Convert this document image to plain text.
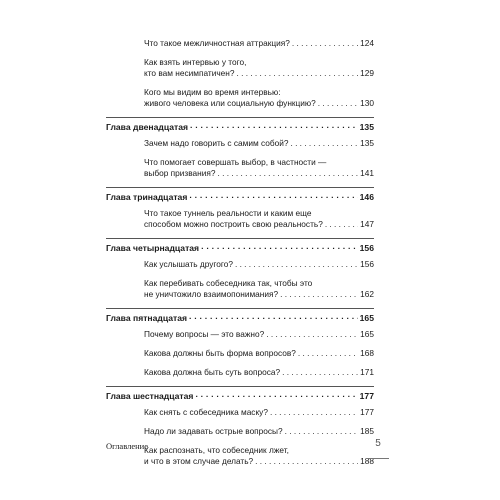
Что такое межличностная аттракция? . . .	124
Как взять интервью у того,
кто вам несимпатичен? . . .	129
Кого мы видим во время интервью:
живого человека или социальную функцию? . . .	130
Глава двенадцатая · · ·	135
Зачем надо говорить с самим собой? . . .	135
Что помогает совершать выбор, в частности —
выбор призвания? . . .	141
Глава тринадцатая · · ·	146
Что такое туннель реальности и каким еще
способом можно построить свою реальность? . . .	147
Глава четырнадцатая · · ·	156
Как услышать другого? . . .	156
Как перебивать собеседника так, чтобы это
не уничтожило взаимопонимания? . . .	162
Глава пятнадцатая · · ·	165
Почему вопросы — это важно? . . .	165
Какова должны быть форма вопросов? . . .	168
Какова должна быть суть вопроса? . . .	171
Глава шестнадцатая · · ·	177
Как снять с собеседника маску? . . .	177
Надо ли задавать острые вопросы? . . .	185
Как распознать, что собеседник лжет,
и что в этом случае делать? . . .	188
Оглавление	5
